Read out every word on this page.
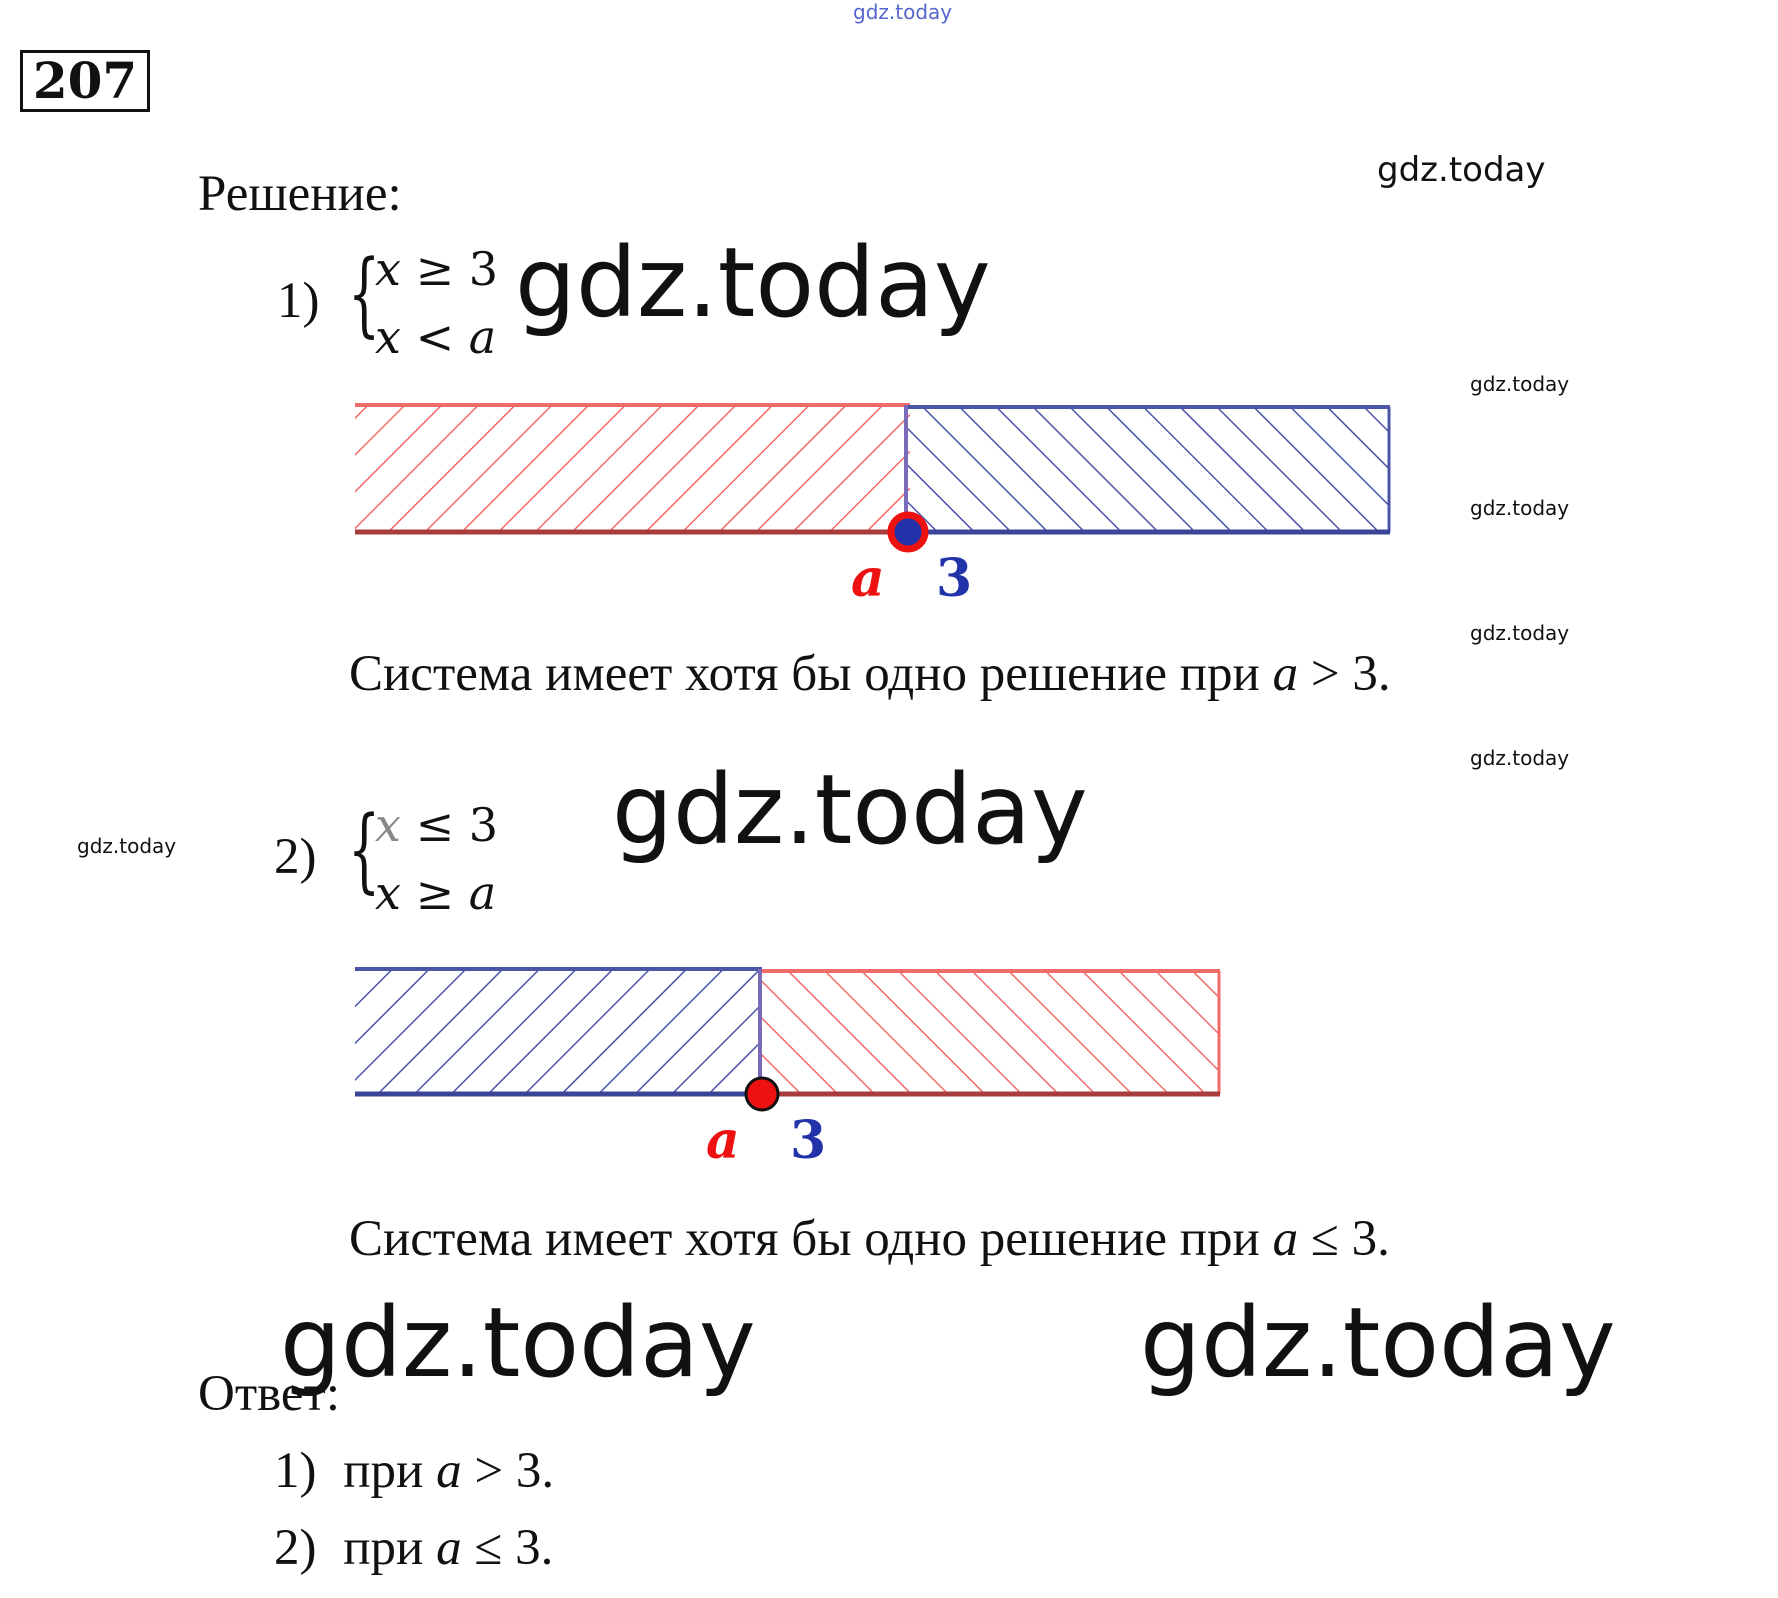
gdz.today
gdz.today
gdz.today
gdz.today
gdz.today
gdz.today
gdz.today
gdz.today	gdz.today
gdz.today	gdz.today
207
Решение:
1) {
x ≥ 3
x < a
a 3
Система имеет хотя бы одно решение при a > 3.
2) {
x ≤ 3
x ≥ a
a 3
Система имеет хотя бы одно решение при a ≤ 3.
Ответ:
1) при a > 3.
2) при a ≤ 3.
